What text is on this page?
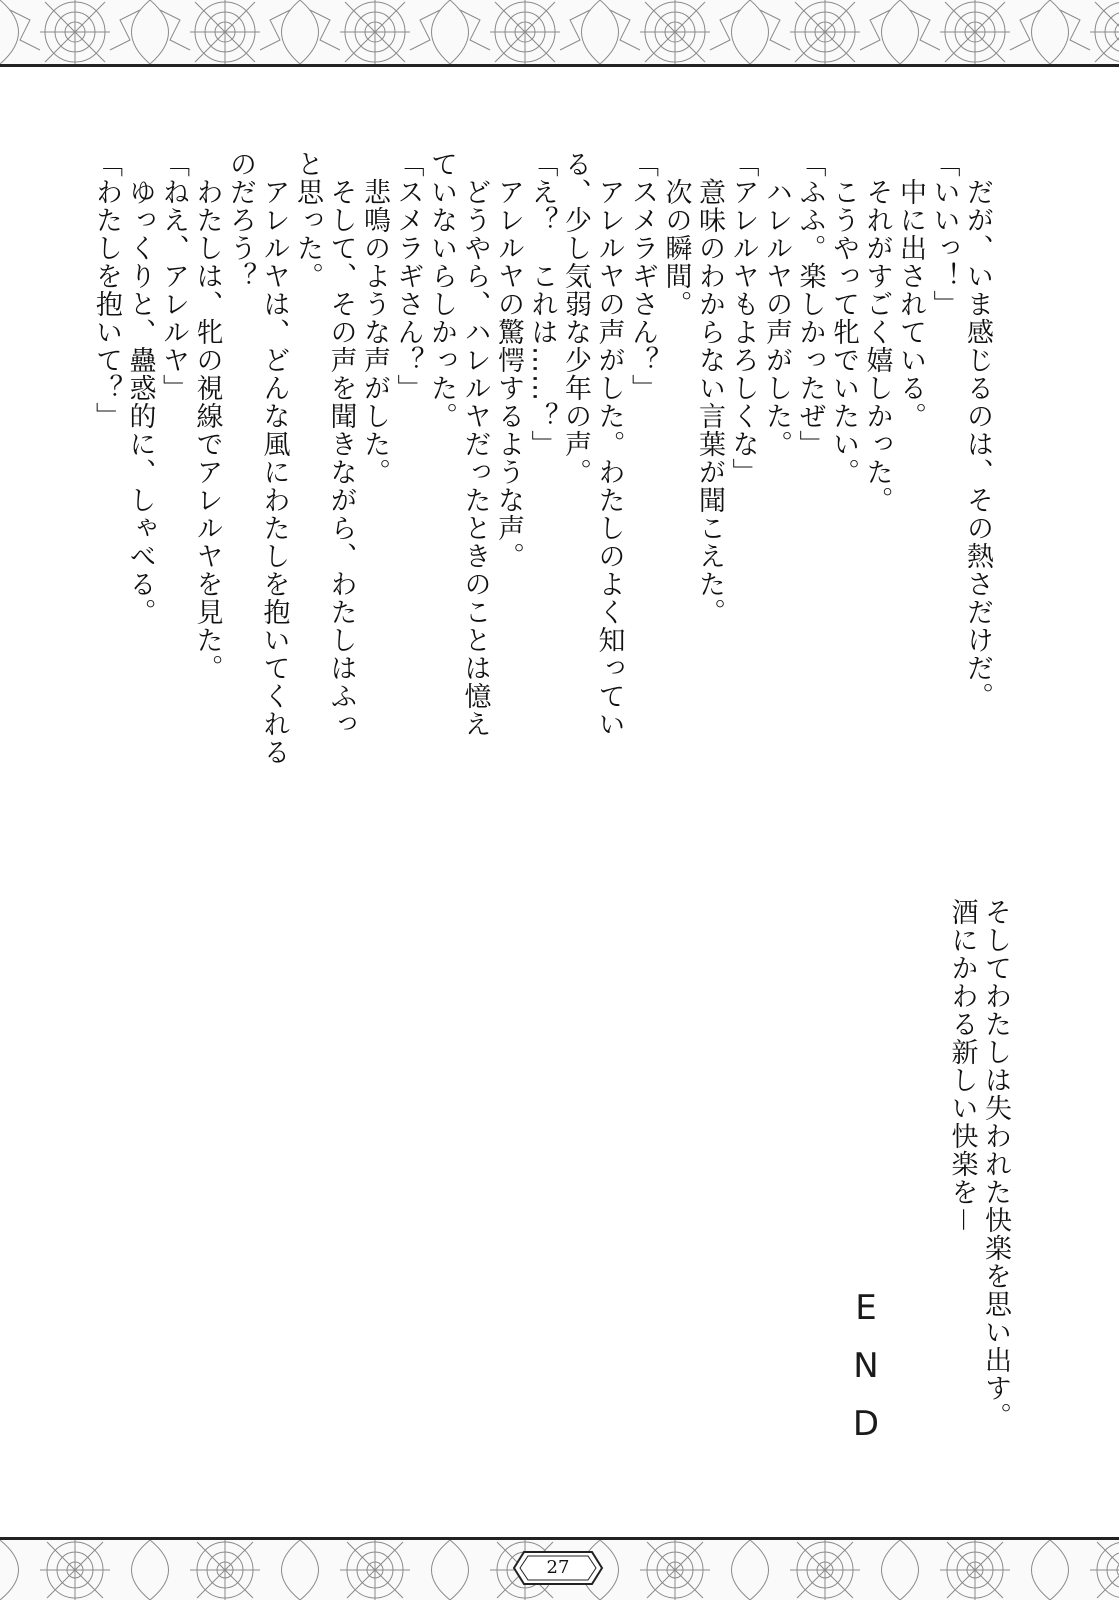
　だが、いま感じるのは、その熱さだけだ。
「いいっ！」
　中に出されている。
　それがすごく嬉しかった。
　こうやって牝でいたい。
「ふふ。楽しかったぜ」
　ハレルヤの声がした。
「アレルヤもよろしくな」
　意味のわからない言葉が聞こえた。
　次の瞬間。
「スメラギさん？」
　アレルヤの声がした。わたしのよく知ってい
る、少し気弱な少年の声。
「え？　これは……？」
　アレルヤの驚愕するような声。
　どうやら、ハレルヤだったときのことは憶え
ていないらしかった。
「スメラギさん？」
　悲鳴のような声がした。
　そして、その声を聞きながら、わたしはふっ
と思った。
　アレルヤは、どんな風にわたしを抱いてくれる
のだろう？
　わたしは、牝の視線でアレルヤを見た。
「ねえ、アレルヤ」
　ゆっくりと、蠱惑的に、しゃべる。
「わたしを抱いて？」
　そしてわたしは失われた快楽を思い出す。
　酒にかわる新しい快楽を－
END
27
